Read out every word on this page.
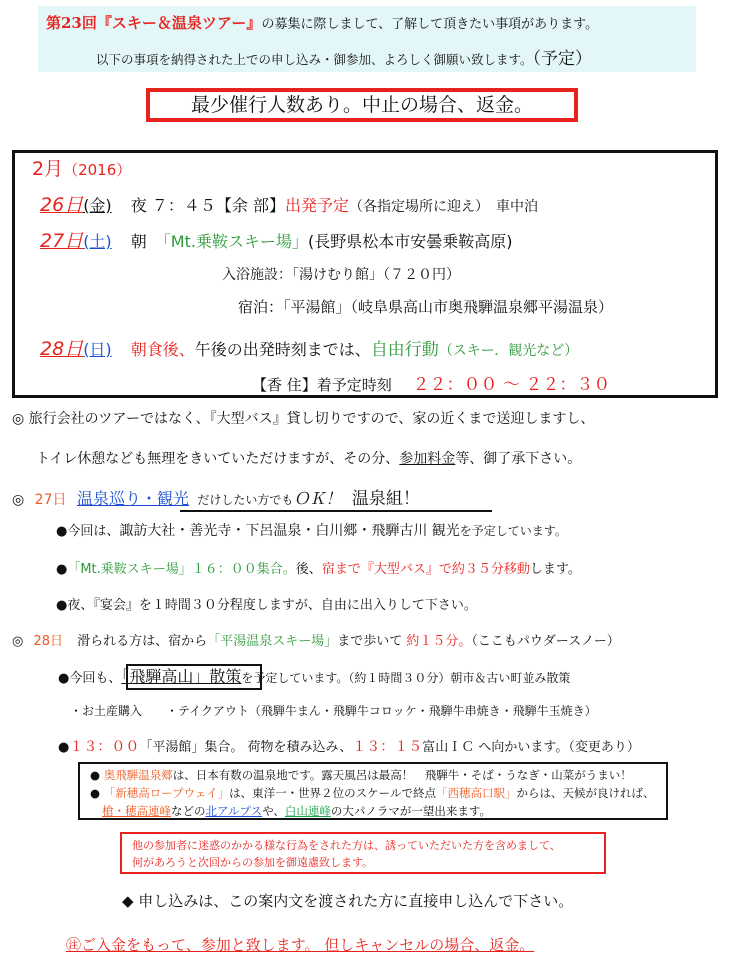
第23回『スキー＆温泉ツアー』の募集に際しまして、了解して頂きたい事項があります。
以下の事項を納得された上での申し込み・御参加、よろしく御願い致します。（予定）
最少催行人数あり。中止の場合、返金。
2月（2016）
26日(金) 夜 ７：４５【余 部】出発予定（各指定場所に迎え）　車中泊
27日(土) 朝　「Mt.乗鞍スキー場」(長野県松本市安曇乗鞍高原)
入浴施設：「湯けむり館」（７２０円）
宿泊：「平湯館」（岐阜県高山市奥飛騨温泉郷平湯温泉）
28日(日) 朝食後、午後の出発時刻までは、自由行動（スキー．観光など）
【香 住】着予定時刻 ２２：００ ～ ２２：３０
◎ 旅行会社のツアーではなく、『大型バス』貸し切りですので、家の近くまで送迎しますし、
トイレ休憩なども無理をきいていただけますが、その分、参加料金等、御了承下さい。
◎ 27日 温泉巡り・観光 だけしたい方でもＯＫ！ 温泉組！
●今回は、諏訪大社・善光寺・下呂温泉・白川郷・飛騨古川 観光を予定しています。
●「Mt.乗鞍スキー場」１６：００集合。後、宿まで『大型バス』で約３５分移動します。
●夜、『宴会』を１時間３０分程度しますが、自由に出入りして下さい。
◎ 28日 滑られる方は、宿から「平湯温泉スキー場」まで歩いて 約１５分。（ここもパウダースノー）
●今回も、「飛騨高山」散策を予定しています。（約１時間３０分）朝市＆古い町並み散策
・お土産購入　　・テイクアウト（飛騨牛まん・飛騨牛コロッケ・飛騨牛串焼き・飛騨牛玉焼き）
●１３：００「平湯館」集合。 荷物を積み込み、１３：１５富山ＩＣ へ向かいます。（変更あり）
● 奥飛騨温泉郷は、日本有数の温泉地です。露天風呂は最高！　飛騨牛・そば・うなぎ・山菜がうまい！
● 「新穂高ロープウェイ」は、東洋一・世界２位のスケールで終点「西穂高口駅」からは、天候が良ければ、
槍・穂高連峰などの北アルプスや、白山連峰の大パノラマが一望出来ます。
他の参加者に迷惑のかかる様な行為をされた方は、誘っていただいた方を含めまして、
何があろうと次回からの参加を御遠慮致します。
◆ 申し込みは、この案内文を渡された方に直接申し込んで下さい。
㊟ご入金をもって、参加と致します。 但しキャンセルの場合、返金。
